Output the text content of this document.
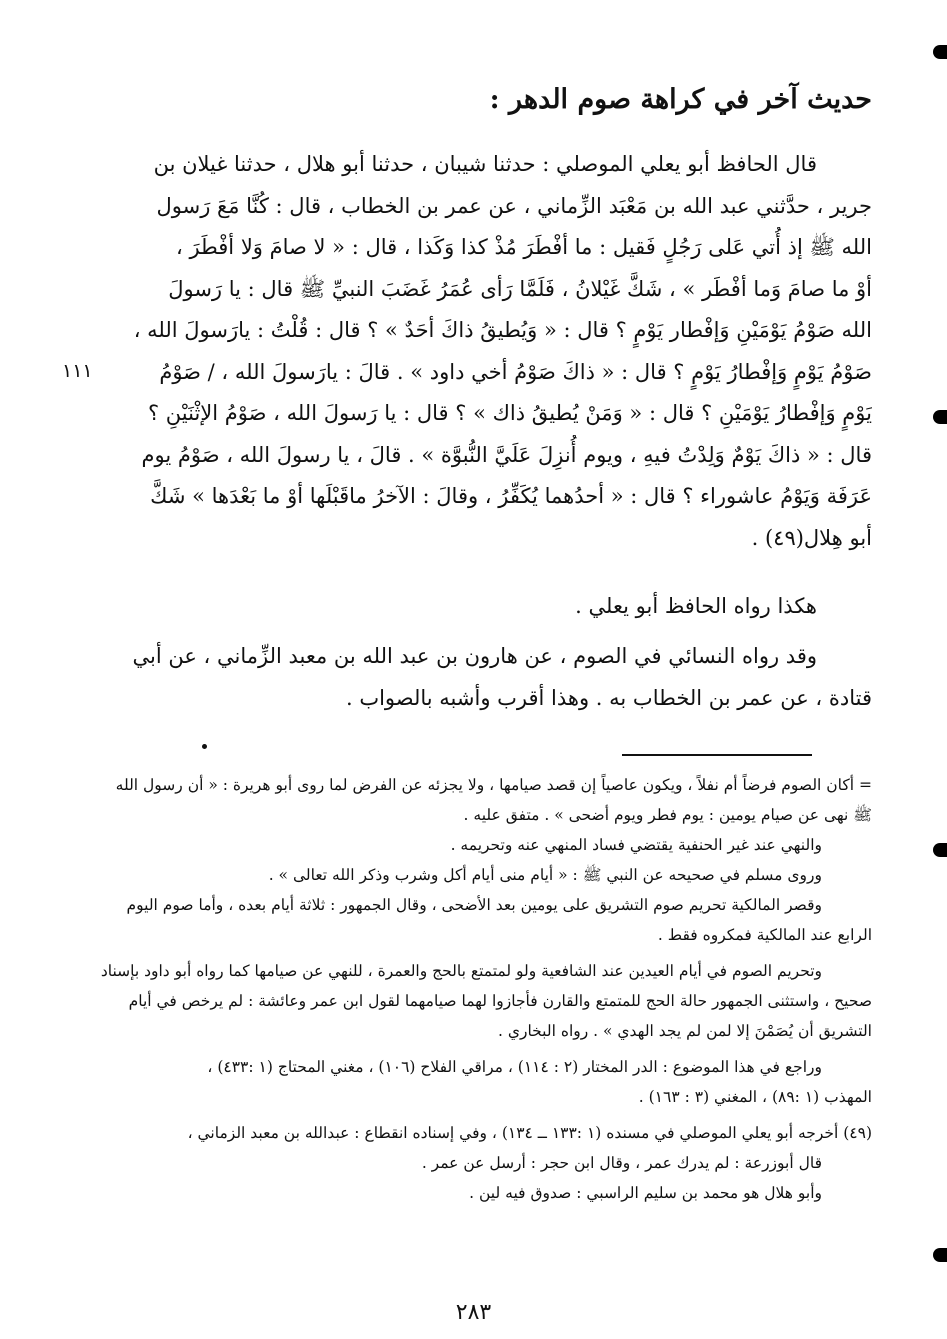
حديث آخر في كراهة صوم الدهر :
قال الحافظ أبو يعلي الموصلي : حدثنا شيبان ، حدثنا أبو هلال ، حدثنا غيلان بن
جرير ، حدَّثني عبد الله بن مَعْبَد الزِّماني ، عن عمر بن الخطاب ، قال : كُنَّا مَعَ رَسول
الله ﷺ إذ أُتي عَلى رَجُلٍ فَقيل : ما أفْطَرَ مُذْ كذا وَكَذا ، قال : « لا صامَ وَلا أفْطَرَ ،
أوْ ما صامَ وَما أفْطَر » ، شَكَّ غَيْلانُ ، فَلَمَّا رَأى عُمَرُ غَضَبَ النبيِّ ﷺ قال : يا رَسولَ
الله صَوْمُ يَوْمَيْنِ وَإفْطار يَوْمٍ ؟ قال : « وَيُطيقُ ذاكَ أحَدٌ » ؟ قال : قُلْتُ : يارَسولَ الله ،
صَوْمُ يَوْمٍ وَإفْطارُ يَوْمٍ ؟ قال : « ذاكَ صَوْمُ أخي داود » . قالَ : يارَسولَ الله ، / صَوْمُ
يَوْمٍ وَإفْطارُ يَوْمَيْنِ ؟ قال : « وَمَنْ يُطيقُ ذاك » ؟ قال : يا رَسولَ الله ، صَوْمُ الإثْنَيْنِ ؟
قال : « ذاكَ يَوْمٌ وَلِدْتُ فيهِ ، ويوم أُنزِلَ عَلَيَّ النُّبوَّة » . قالَ ، يا رسولَ الله ، صَوْمُ يوم
عَرَفَة وَيَوْمُ عاشوراء ؟ قال : « أحدُهما يُكَفِّرُ ، وقالَ : الآخرُ ماقَبْلَها أوْ ما بَعْدَها » شَكَّ
أبو هِلال(٤٩) .
١١١
هكذا رواه الحافظ أبو يعلي .
وقد رواه النسائي في الصوم ، عن هارون بن عبد الله بن معبد الزِّماني ، عن أبي
قتادة ، عن عمر بن الخطاب به . وهذا أقرب وأشبه بالصواب .
= أكان الصوم فرضاً أم نفلاً ، ويكون عاصياً إن قصد صيامها ، ولا يجزئه عن الفرض لما روى أبو هريرة : « أن رسول الله
ﷺ نهى عن صيام يومين : يوم فطر ويوم أضحى » . متفق عليه .
والنهي عند غير الحنفية يقتضي فساد المنهي عنه وتحريمه .
وروى مسلم في صحيحه عن النبي ﷺ : « أيام منى أيام أكل وشرب وذكر الله تعالى » .
وقصر المالكية تحريم صوم التشريق على يومين بعد الأضحى ، وقال الجمهور : ثلاثة أيام بعده ، وأما صوم اليوم
الرابع عند المالكية فمكروه فقط .
وتحريم الصوم في أيام العيدين عند الشافعية ولو لمتمتع بالحج والعمرة ، للنهي عن صيامها كما رواه أبو داود بإسناد
صحيح ، واستثنى الجمهور حالة الحج للمتمتع والقارن فأجازوا لهما صيامهما لقول ابن عمر وعائشة : لم يرخص في أيام
التشريق أن يُصَمْنَ إلا لمن لم يجد الهدي » . رواه البخاري .
وراجع في هذا الموضوع : الدر المختار (٢ : ١١٤) ، مراقي الفلاح (١٠٦) ، مغني المحتاج (١ :٤٣٣) ،
المهذب (١ :٨٩) ، المغني (٣ : ١٦٣) .
(٤٩) أخرجه أبو يعلي الموصلي في مسنده (١ :١٣٣ ــ ١٣٤) ، وفي إسناده انقطاع : عبدالله بن معبد الزماني ،
قال أبوزرعة : لم يدرك عمر ، وقال ابن حجر : أرسل عن عمر .
وأبو هلال هو محمد بن سليم الراسبي : صدوق فيه لين .
٢٨٣
